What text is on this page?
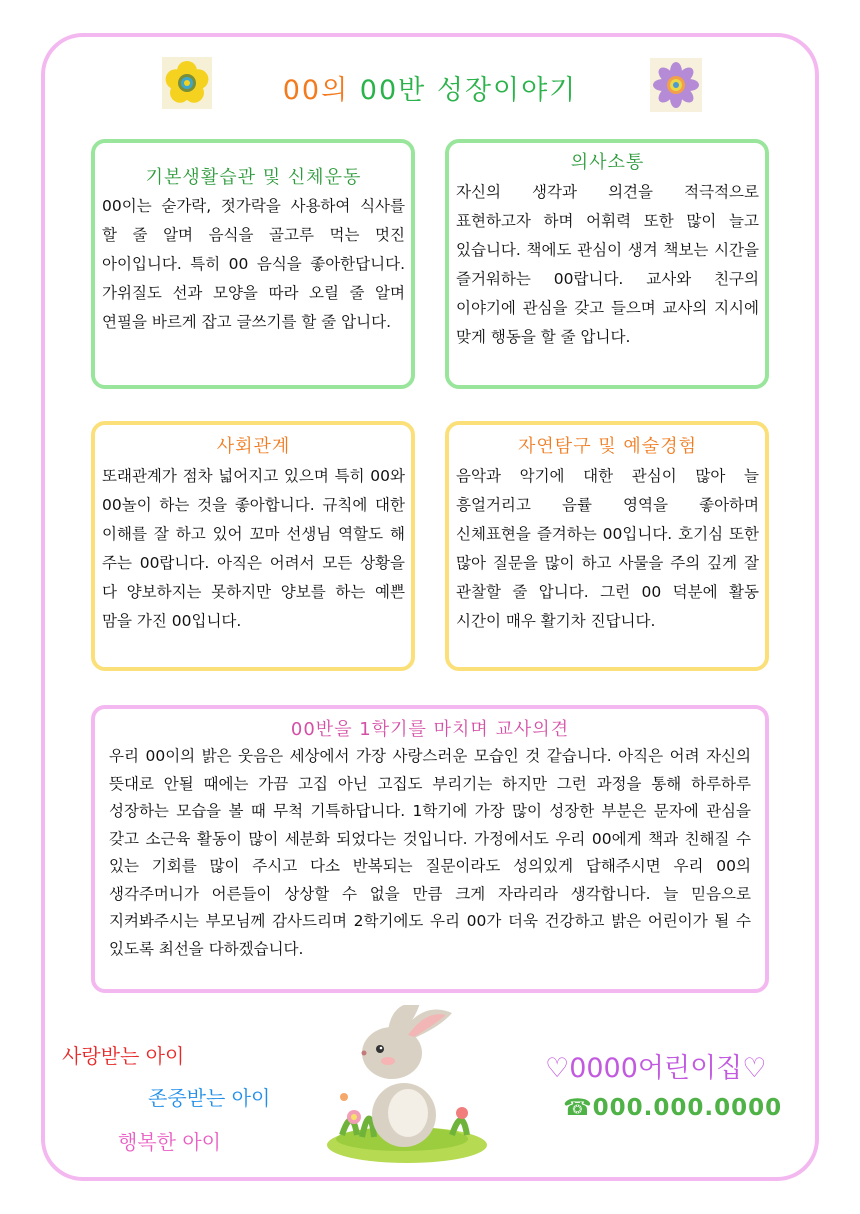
00의 00반 성장이야기
기본생활습관 및 신체운동

00이는 숟가락, 젓가락을 사용하여 식사를 할 줄 알며 음식을 골고루 먹는 멋진 아이입니다. 특히 00 음식을 좋아한답니다. 가위질도 선과 모양을 따라 오릴 줄 알며 연필을 바르게 잡고 글쓰기를 할 줄 압니다.

의사소통

자신의 생각과 의견을 적극적으로 표현하고자 하며 어휘력 또한 많이 늘고 있습니다. 책에도 관심이 생겨 책보는 시간을 즐거워하는 00랍니다. 교사와 친구의 이야기에 관심을 갖고 들으며 교사의 지시에 맞게 행동을 할 줄 압니다.

사회관계

또래관계가 점차 넓어지고 있으며 특히 00와 00놀이 하는 것을 좋아합니다. 규칙에 대한 이해를 잘 하고 있어 꼬마 선생님 역할도 해 주는 00랍니다. 아직은 어려서 모든 상황을 다 양보하지는 못하지만 양보를 하는 예쁜 맘을 가진 00입니다.

자연탐구 및 예술경험

음악과 악기에 대한 관심이 많아 늘 흥얼거리고 음률 영역을 좋아하며 신체표현을 즐겨하는 00입니다. 호기심 또한 많아 질문을 많이 하고 사물을 주의 깊게 잘 관찰할 줄 압니다. 그런 00 덕분에 활동 시간이 매우 활기차 진답니다.

00반을 1학기를 마치며 교사의견

우리 00이의 밝은 웃음은 세상에서 가장 사랑스러운 모습인 것 같습니다. 아직은 어려 자신의 뜻대로 안될 때에는 가끔 고집 아닌 고집도 부리기는 하지만 그런 과정을 통해 하루하루 성장하는 모습을 볼 때 무척 기특하답니다. 1학기에 가장 많이 성장한 부분은 문자에 관심을 갖고 소근육 활동이 많이 세분화 되었다는 것입니다. 가정에서도 우리 00에게 책과 친해질 수 있는 기회를 많이 주시고 다소 반복되는 질문이라도 성의있게 답해주시면 우리 00의 생각주머니가 어른들이 상상할 수 없을 만큼 크게 자라리라 생각합니다. 늘 믿음으로 지켜봐주시는 부모님께 감사드리며 2학기에도 우리 00가 더욱 건강하고 밝은 어린이가 될 수 있도록 최선을 다하겠습니다.

사랑받는 아이
존중받는 아이
행복한 아이
♡0000어린이집♡
☎000.000.0000
